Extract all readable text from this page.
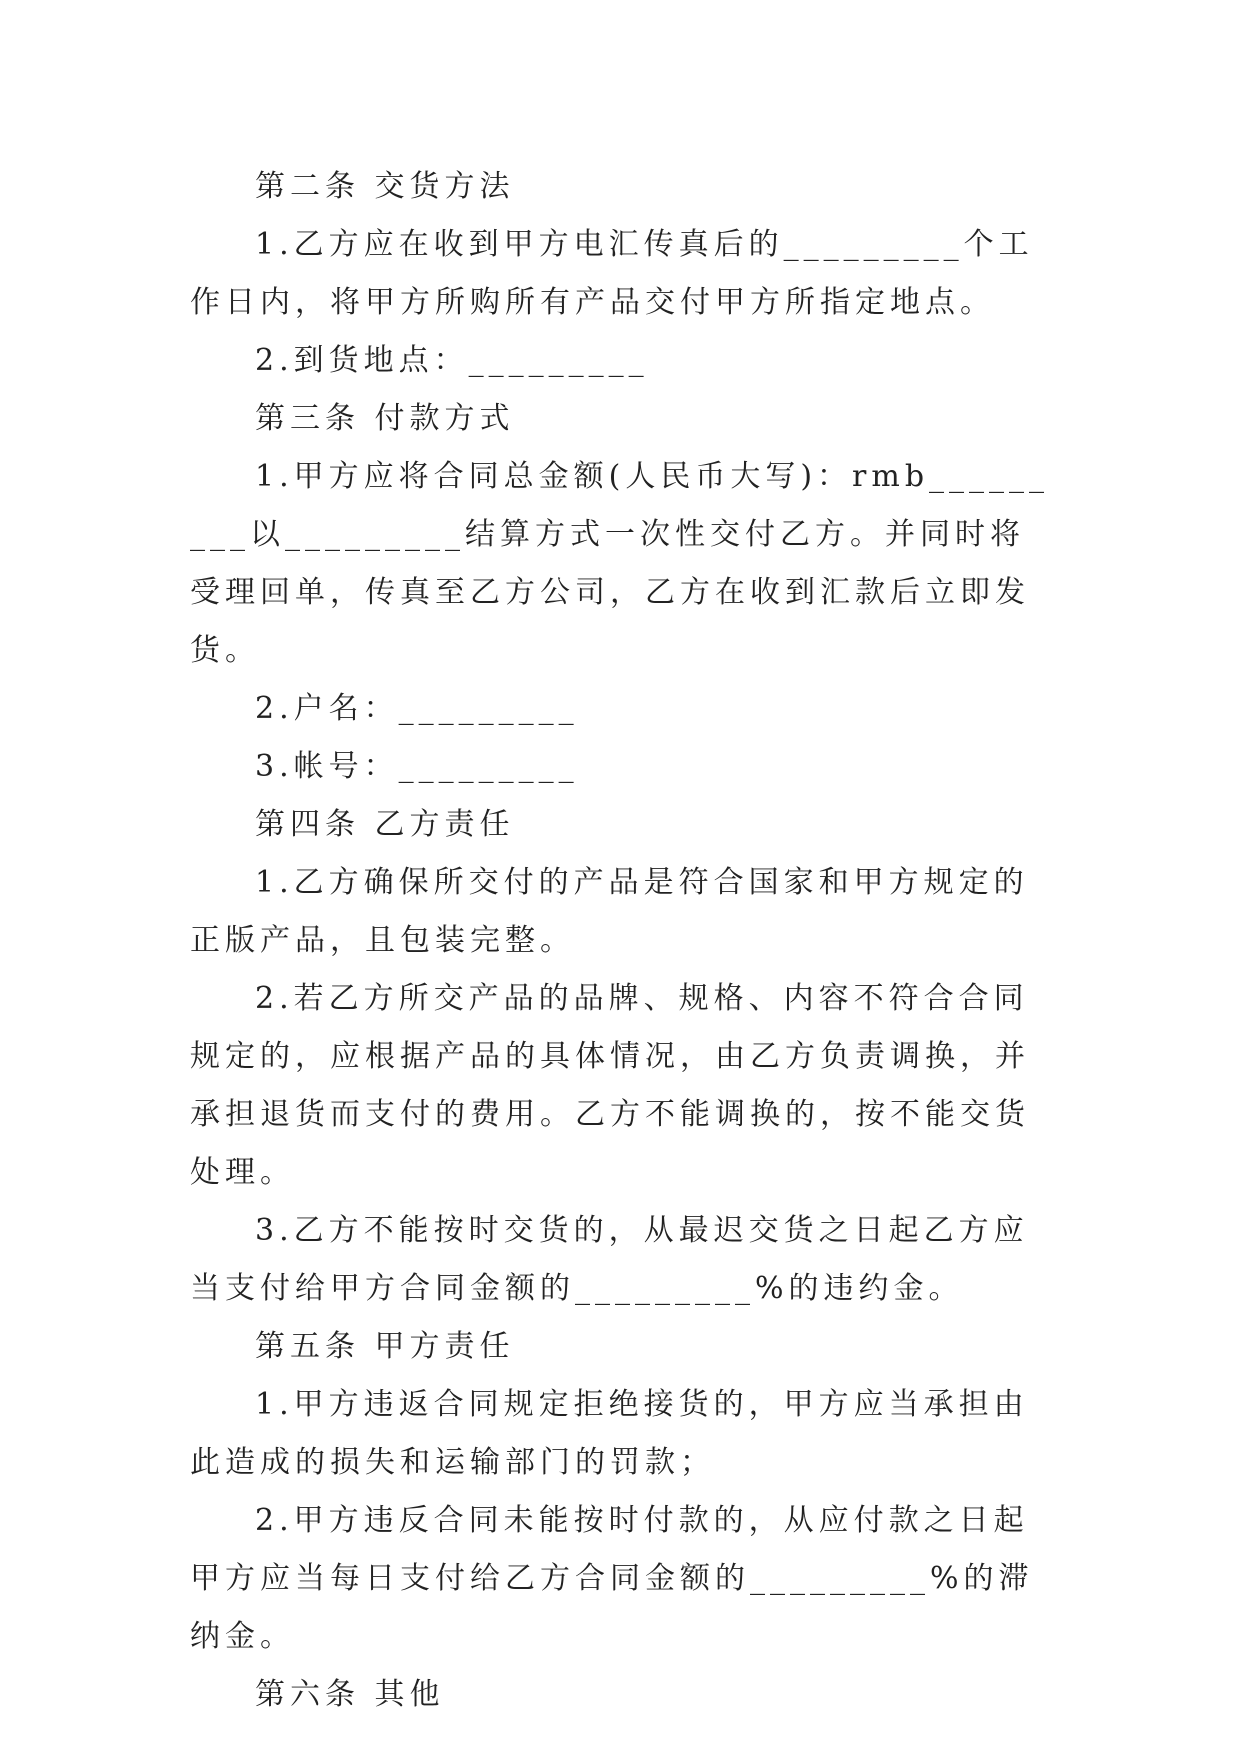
第二条 交货方法

1.乙方应在收到甲方电汇传真后的_________个工作日内，将甲方所购所有产品交付甲方所指定地点。

2.到货地点：_________

第三条 付款方式

1.甲方应将合同总金额(人民币大写)：rmb_________以_________结算方式一次性交付乙方。并同时将受理回单，传真至乙方公司，乙方在收到汇款后立即发货。

2.户名：_________

3.帐号：_________

第四条 乙方责任

1.乙方确保所交付的产品是符合国家和甲方规定的正版产品，且包装完整。

2.若乙方所交产品的品牌、规格、内容不符合合同规定的，应根据产品的具体情况，由乙方负责调换，并承担退货而支付的费用。乙方不能调换的，按不能交货处理。

3.乙方不能按时交货的，从最迟交货之日起乙方应当支付给甲方合同金额的_________%的违约金。

第五条 甲方责任

1.甲方违返合同规定拒绝接货的，甲方应当承担由此造成的损失和运输部门的罚款；

2.甲方违反合同未能按时付款的，从应付款之日起甲方应当每日支付给乙方合同金额的_________%的滞纳金。

第六条 其他
